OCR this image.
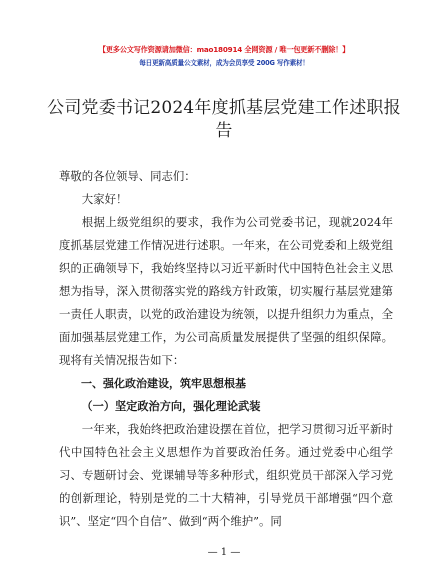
【更多公文写作资源请加微信：mao180914 全网资源 / 唯一包更新不删除！】
每日更新高质量公文素材，成为会员享受 200G 写作素材！
公司党委书记2024年度抓基层党建工作述职报告

尊敬的各位领导、同志们：

大家好！

根据上级党组织的要求，我作为公司党委书记，现就2024年度抓基层党建工作情况进行述职。一年来，在公司党委和上级党组织的正确领导下，我始终坚持以习近平新时代中国特色社会主义思想为指导，深入贯彻落实党的路线方针政策，切实履行基层党建第一责任人职责，以党的政治建设为统领，以提升组织力为重点，全面加强基层党建工作，为公司高质量发展提供了坚强的组织保障。现将有关情况报告如下：

一、强化政治建设，筑牢思想根基

（一）坚定政治方向，强化理论武装

一年来，我始终把政治建设摆在首位，把学习贯彻习近平新时代中国特色社会主义思想作为首要政治任务。通过党委中心组学习、专题研讨会、党课辅导等多种形式，组织党员干部深入学习党的创新理论，特别是党的二十大精神，引导党员干部增强“四个意识”、坚定“四个自信”、做到“两个维护”。同

— 1 —
